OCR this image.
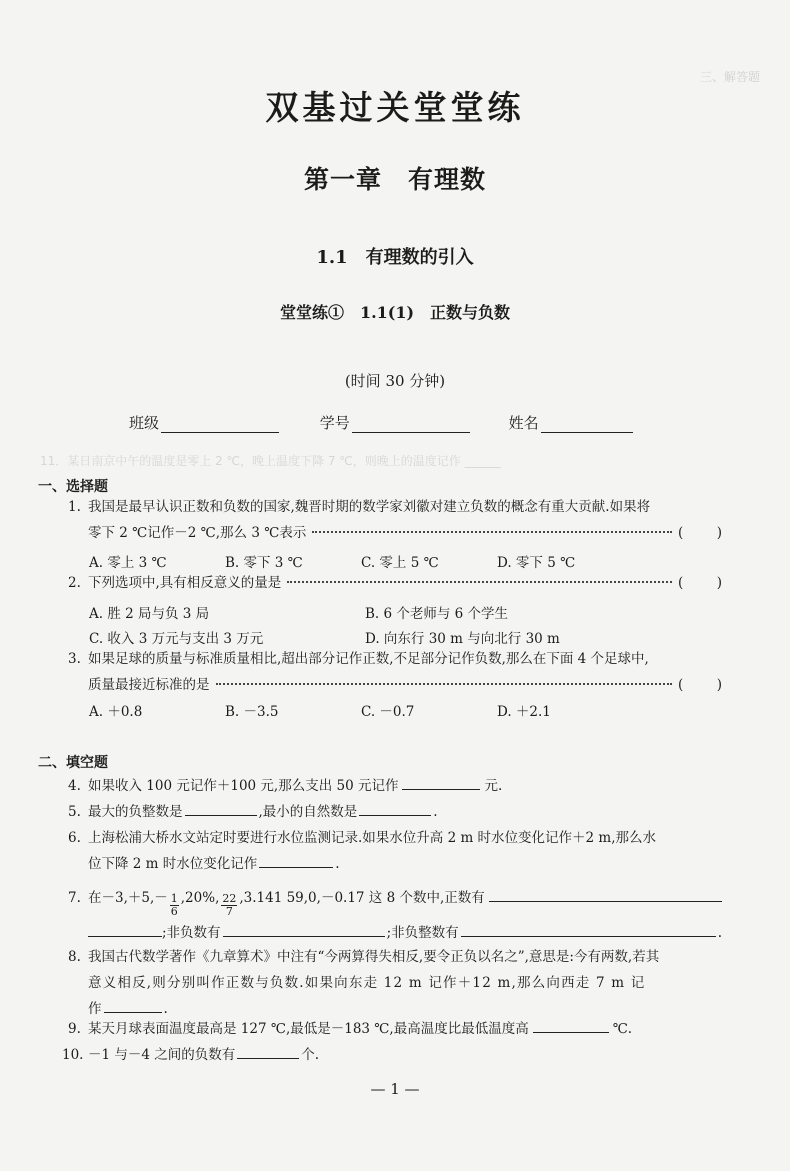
三、解答题
11．某日南京中午的温度是零上 2 ℃，晚上温度下降 7 ℃，则晚上的温度记作 ______
双基过关堂堂练
第一章　有理数
1.1　有理数的引入
堂堂练①　1.1(1)　正数与负数
(时间 30 分钟)
班级
	学号
	姓名
一、选择题
1. 我国是最早认识正数和负数的国家,魏晋时期的数学家刘徽对建立负数的概念有重大贡献.如果将
零下 2 ℃记作－2 ℃,那么 3 ℃表示	( )
A. 零上 3 ℃	B. 零下 3 ℃	C. 零上 5 ℃	D. 零下 5 ℃
2. 下列选项中,具有相反意义的量是	( )
A. 胜 2 局与负 3 局	B. 6 个老师与 6 个学生
C. 收入 3 万元与支出 3 万元	D. 向东行 30 m 与向北行 30 m
3. 如果足球的质量与标准质量相比,超出部分记作正数,不足部分记作负数,那么在下面 4 个足球中,
质量最接近标准的是	( )
A. ＋0.8	B. －3.5	C. －0.7	D. ＋2.1
二、填空题
4. 如果收入 100 元记作＋100 元,那么支出 50 元记作	元.
5. 最大的负整数是	,最小的自然数是	.
6. 上海松浦大桥水文站定时要进行水位监测记录.如果水位升高 2 m 时水位变化记作＋2 m,那么水
位下降 2 m 时水位变化记作	.
7. 在$-3,+5,- \frac{1}{6} ,20\%$, $\frac{22}{7} ,3.141$ 59,0,－0.17 这 8 个数中,正数有
;非负数有	;非负整数有	.
8. 我国古代数学著作《九章算术》中注有“今两算得失相反,要令正负以名之”,意思是:今有两数,若其
意义相反,则分别叫作正数与负数.如果向东走 12 m 记作＋12 m,那么向西走 7 m 记
作	.
9. 某天月球表面温度最高是 127 ℃,最低是－183 ℃,最高温度比最低温度高	℃.
10. －1 与－4 之间的负数有	个.
— 1 —
